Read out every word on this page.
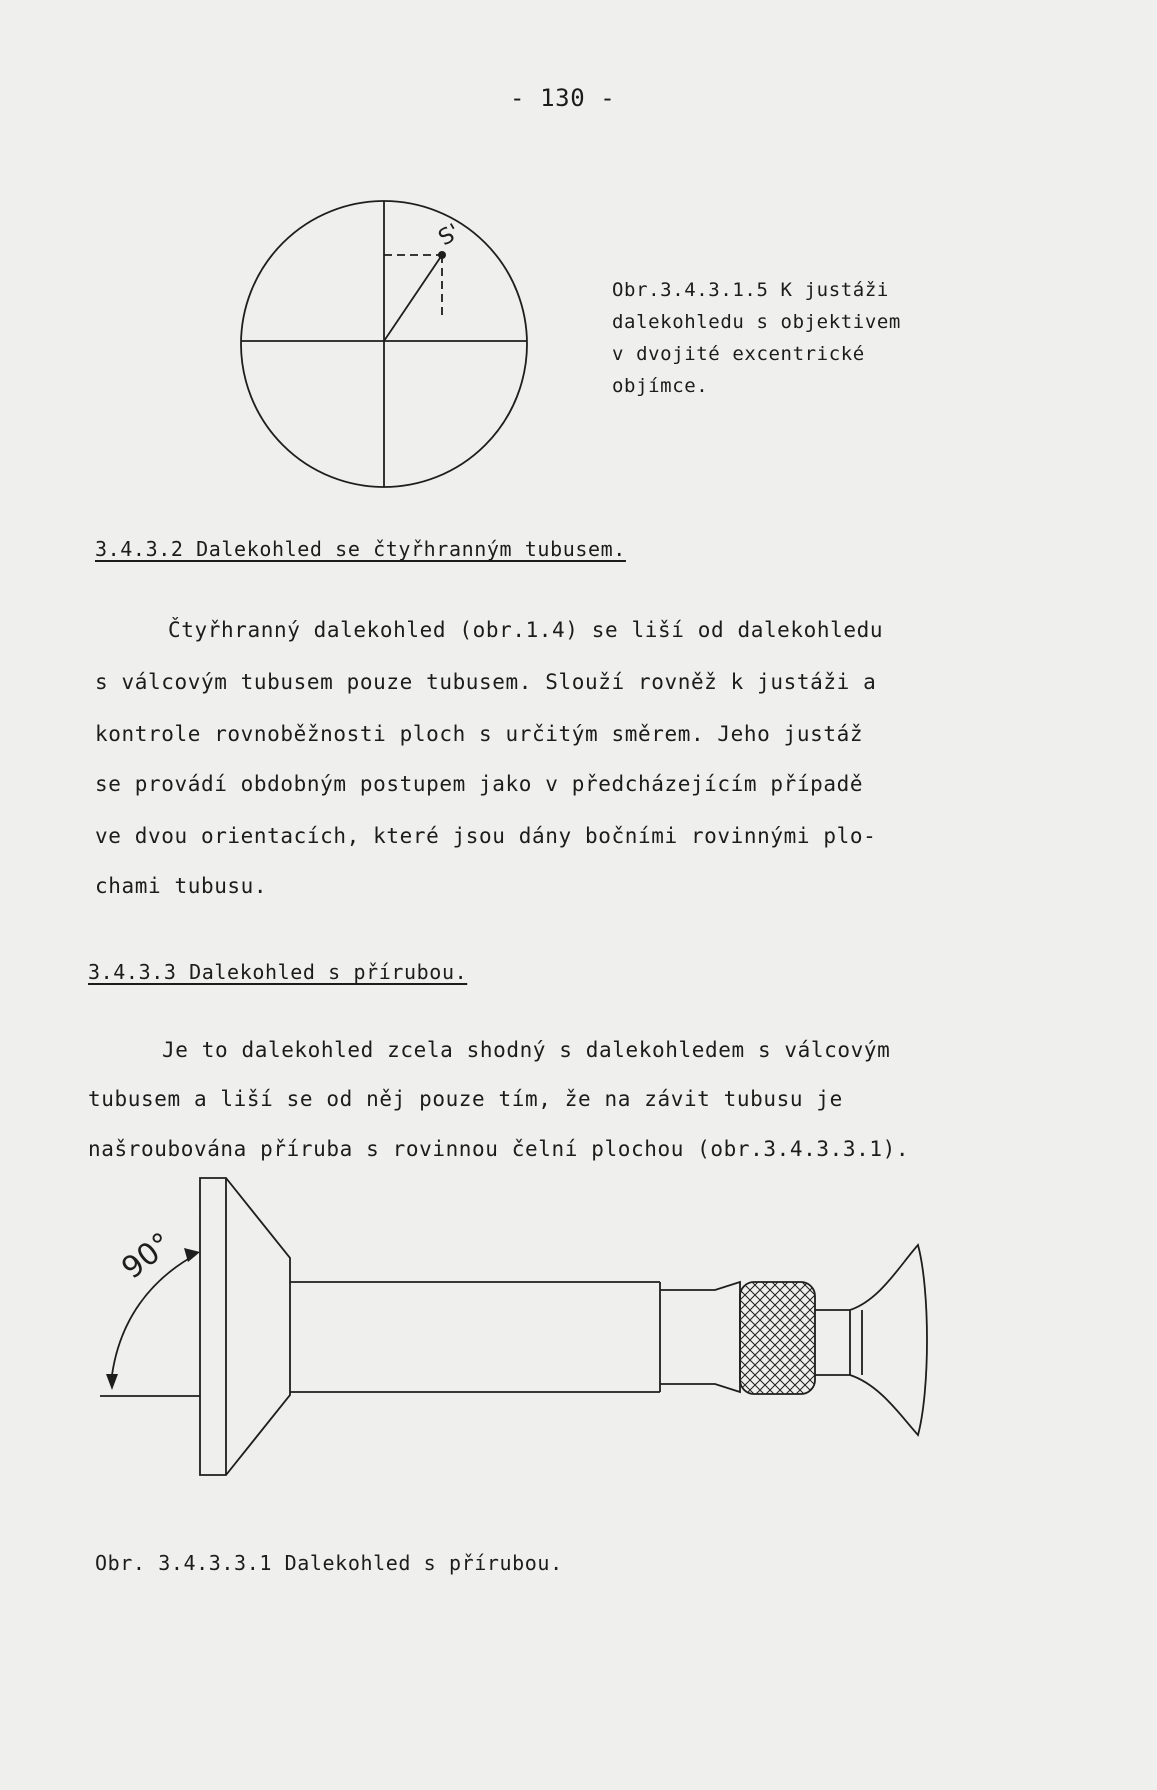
- 130 -
S'
Obr.3.4.3.1.5 K justáži
dalekohledu s objektivem
v dvojité excentrické
objímce.
3.4.3.2 Dalekohled se čtyřhranným tubusem.
Čtyřhranný dalekohled (obr.1.4) se liší od dalekohledu
s válcovým tubusem pouze tubusem. Slouží rovněž k justáži a
kontrole rovnoběžnosti ploch s určitým směrem. Jeho justáž
se provádí obdobným postupem jako v předcházejícím případě
ve dvou orientacích, které jsou dány bočními rovinnými plo-
chami tubusu.
3.4.3.3 Dalekohled s přírubou.
Je to dalekohled zcela shodný s dalekohledem s válcovým
tubusem a liší se od něj pouze tím, že na závit tubusu je
našroubována příruba s rovinnou čelní plochou (obr.3.4.3.3.1).
90°
Obr. 3.4.3.3.1 Dalekohled s přírubou.
